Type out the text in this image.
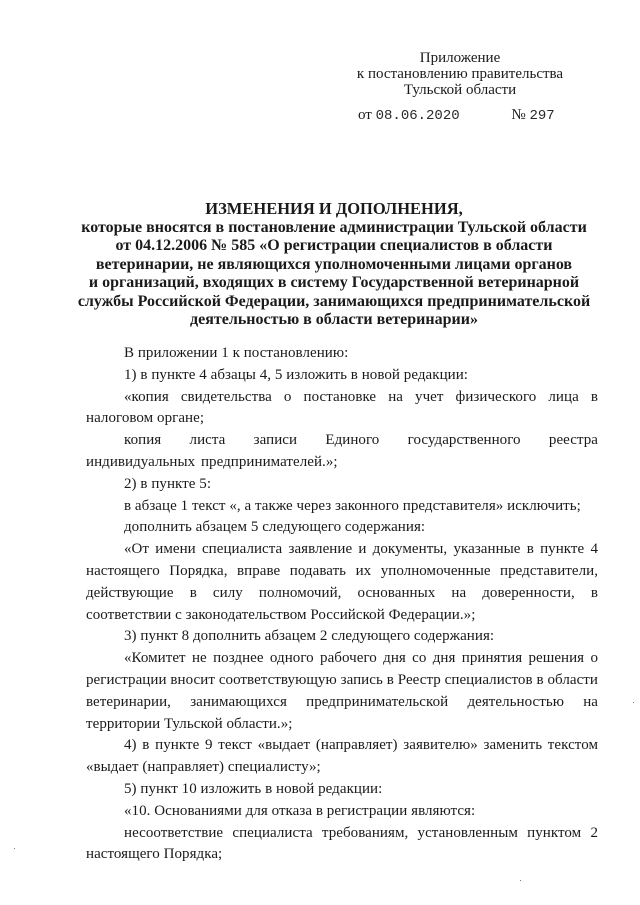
Приложение
к постановлению правительства
Тульской области
от 08.06.2020	№ 297
ИЗМЕНЕНИЯ И ДОПОЛНЕНИЯ,
которые вносятся в постановление администрации Тульской области
от 04.12.2006 № 585 «О регистрации специалистов в области
ветеринарии, не являющихся уполномоченными лицами органов
и организаций, входящих в систему Государственной ветеринарной
службы Российской Федерации, занимающихся предпринимательской
деятельностью в области ветеринарии»

В приложении 1 к постановлению:

1) в пункте 4 абзацы 4, 5 изложить в новой редакции:

«копия свидетельства о постановке на учет физического лица в налоговом органе;

копия листа записи Единого государственного реестра индивидуальных предпринимателей.»;

2) в пункте 5:

в абзаце 1 текст «, а также через законного представителя» исключить;

дополнить абзацем 5 следующего содержания:

«От имени специалиста заявление и документы, указанные в пункте 4 настоящего Порядка, вправе подавать их уполномоченные представители, действующие в силу полномочий, основанных на доверенности, в соответствии с законодательством Российской Федерации.»;

3) пункт 8 дополнить абзацем 2 следующего содержания:

«Комитет не позднее одного рабочего дня со дня принятия решения о регистрации вносит соответствующую запись в Реестр специалистов в области ветеринарии, занимающихся предпринимательской деятельностью на территории Тульской области.»;

4) в пункте 9 текст «выдает (направляет) заявителю» заменить текстом «выдает (направляет) специалисту»;

5) пункт 10 изложить в новой редакции:

«10. Основаниями для отказа в регистрации являются:

несоответствие специалиста требованиям, установленным пунктом 2 настоящего Порядка;
